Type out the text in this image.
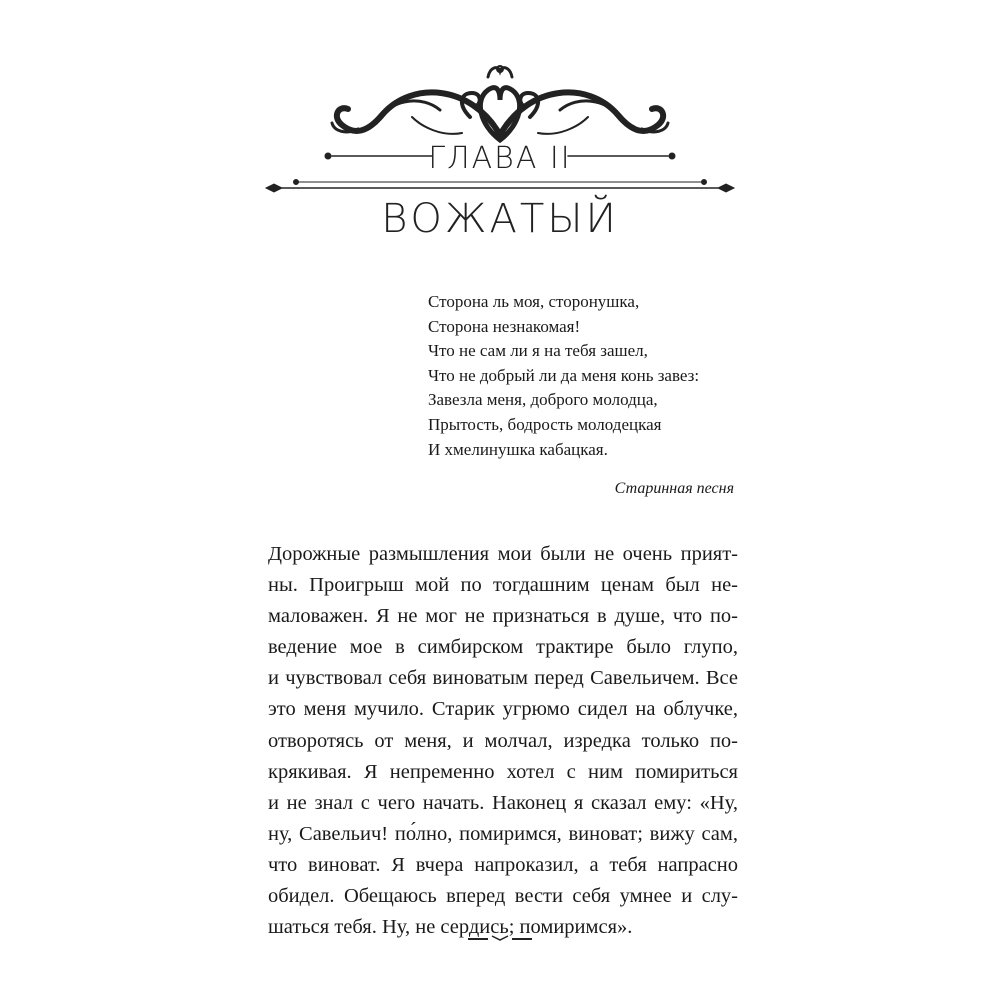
ГЛАВА II
ВОЖАТЫЙ
Сторона ль моя, сторонушка,
Сторона незнакомая!
Что не сам ли я на тебя зашел,
Что не добрый ли да меня конь завез:
Завезла меня, доброго молодца,
Прытость, бодрость молодецкая
И хмелинушка кабацкая.
Старинная песня
Дорожные размышления мои были не очень прият-
ны. Проигрыш мой по тогдашним ценам был не-
маловажен. Я не мог не признаться в душе, что по-
ведение мое в симбирском трактире было глупо,
и чувствовал себя виноватым перед Савельичем. Все
это меня мучило. Старик угрюмо сидел на облучке,
отворотясь от меня, и молчал, изредка только по-
крякивая. Я непременно хотел с ним помириться
и не знал с чего начать. Наконец я сказал ему: «Ну,
ну, Савельич! по́лно, помиримся, виноват; вижу сам,
что виноват. Я вчера напроказил, а тебя напрасно
обидел. Обещаюсь вперед вести себя умнее и слу-
шаться тебя. Ну, не сердись; помиримся».
